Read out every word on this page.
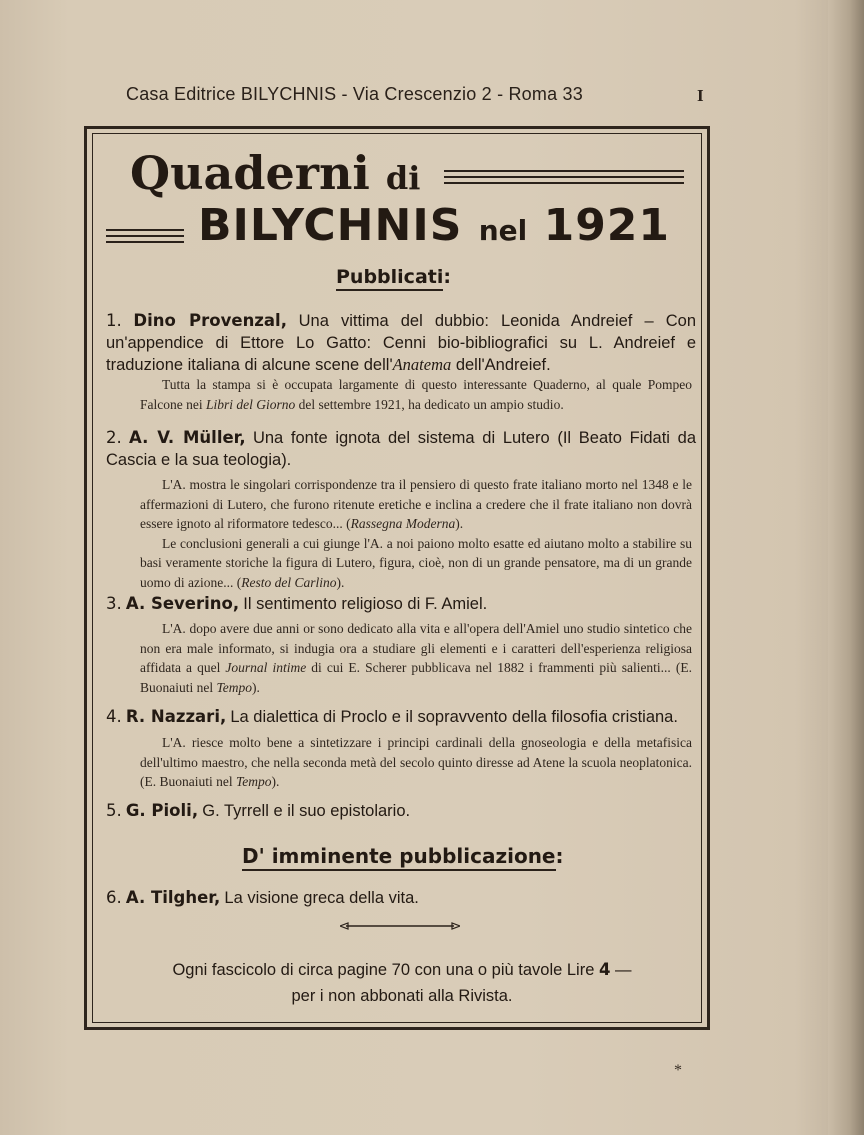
Casa Editrice BILYCHNIS - Via Crescenzio 2 - Roma 33	I
Quaderni di
BILYCHNIS nel 1921
Pubblicati:
1. Dino Provenzal, Una vittima del dubbio: Leonida Andreief – Con un'appendice di Ettore Lo Gatto: Cenni bio-bibliografici su L. Andreief e traduzione italiana di alcune scene dell'Anatema dell'Andreief.

Tutta la stampa si è occupata largamente di questo interessante Quaderno, al quale Pompeo Falcone nei Libri del Giorno del settembre 1921, ha dedicato un ampio studio.

2. A. V. Müller, Una fonte ignota del sistema di Lutero (Il Beato Fidati da Cascia e la sua teologia).

L'A. mostra le singolari corrispondenze tra il pensiero di questo frate italiano morto nel 1348 e le affermazioni di Lutero, che furono ritenute eretiche e inclina a credere che il frate italiano non dovrà essere ignoto al riformatore tedesco... (Rassegna Moderna).

Le conclusioni generali a cui giunge l'A. a noi paiono molto esatte ed aiutano molto a stabilire su basi veramente storiche la figura di Lutero, figura, cioè, non di un grande pensatore, ma di un grande uomo di azione... (Resto del Carlino).

3. A. Severino, Il sentimento religioso di F. Amiel.

L'A. dopo avere due anni or sono dedicato alla vita e all'opera dell'Amiel uno studio sintetico che non era male informato, si indugia ora a studiare gli elementi e i caratteri dell'esperienza religiosa affidata a quel Journal intime di cui E. Scherer pubblicava nel 1882 i frammenti più salienti... (E. Buonaiuti nel Tempo).

4. R. Nazzari, La dialettica di Proclo e il sopravvento della filosofia cristiana.

L'A. riesce molto bene a sintetizzare i principi cardinali della gnoseologia e della metafisica dell'ultimo maestro, che nella seconda metà del secolo quinto diresse ad Atene la scuola neoplatonica. (E. Buonaiuti nel Tempo).

5. G. Pioli, G. Tyrrell e il suo epistolario.
D' imminente pubblicazione:
6. A. Tilgher, La visione greca della vita.
Ogni fascicolo di circa pagine 70 con una o più tavole Lire 4 —
per i non abbonati alla Rivista.
*
